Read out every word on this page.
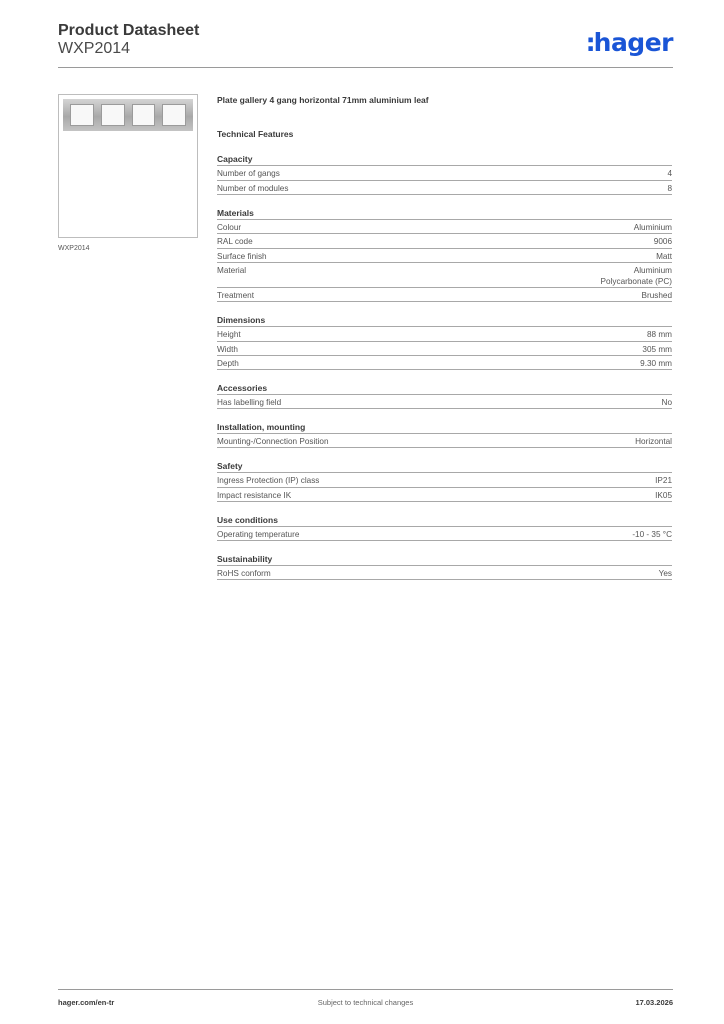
Product Datasheet
WXP2014	:hager
WXP2014
Plate gallery 4 gang horizontal 71mm aluminium leaf
Technical Features
Capacity
Number of gangs	4
Number of modules	8
Materials
Colour	Aluminium
RAL code	9006
Surface finish	Matt
Material	Aluminium
Polycarbonate (PC)
Treatment	Brushed
Dimensions
Height	88 mm
Width	305 mm
Depth	9.30 mm
Accessories
Has labelling field	No
Installation, mounting
Mounting-/Connection Position	Horizontal
Safety
Ingress Protection (IP) class	IP21
Impact resistance IK	IK05
Use conditions
Operating temperature	-10 - 35 °C
Sustainability
RoHS conform	Yes
hager.com/en-tr	Subject to technical changes	17.03.2026
